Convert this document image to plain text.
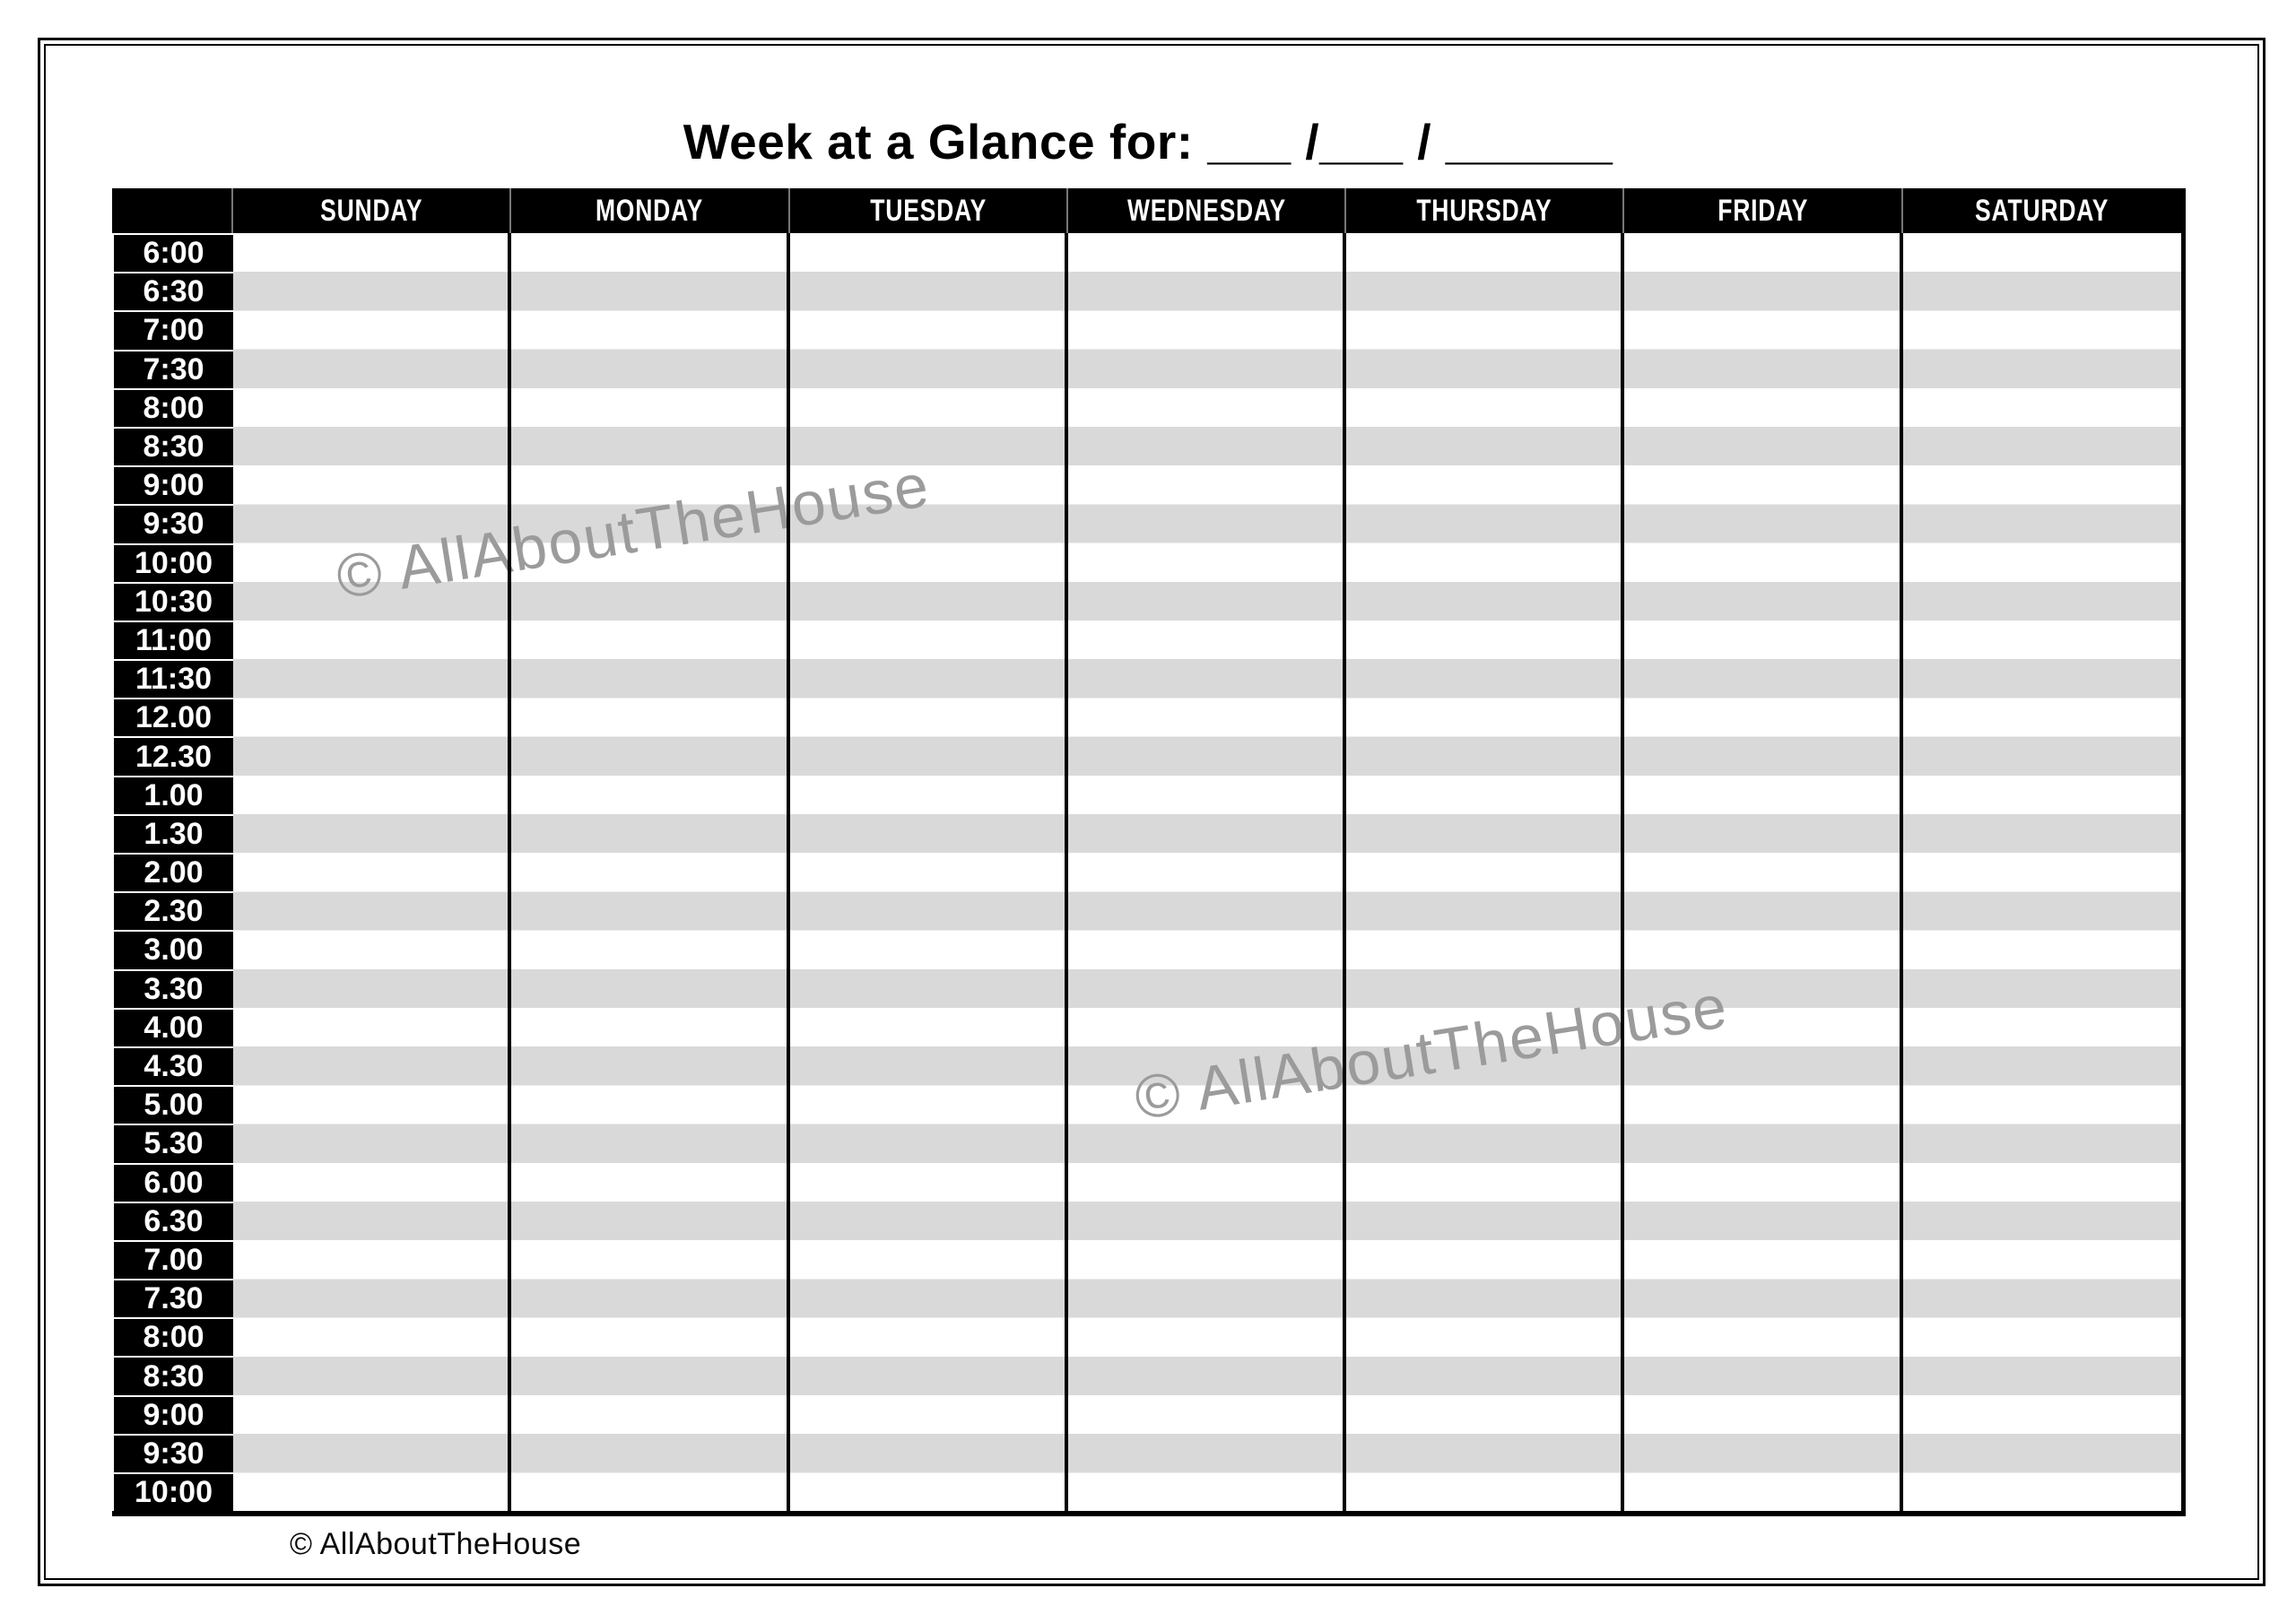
Week at a Glance for: ___ /___ / ______
© AllAboutTheHouse
© AllAboutTheHouse
SUNDAY	MONDAY	TUESDAY	WEDNESDAY	THURSDAY	FRIDAY	SATURDAY
6:00
6:30
7:00
7:30
8:00
8:30
9:00
9:30
10:00
10:30
11:00
11:30
12.00
12.30
1.00
1.30
2.00
2.30
3.00
3.30
4.00
4.30
5.00
5.30
6.00
6.30
7.00
7.30
8:00
8:30
9:00
9:30
10:00
© AllAboutTheHouse
